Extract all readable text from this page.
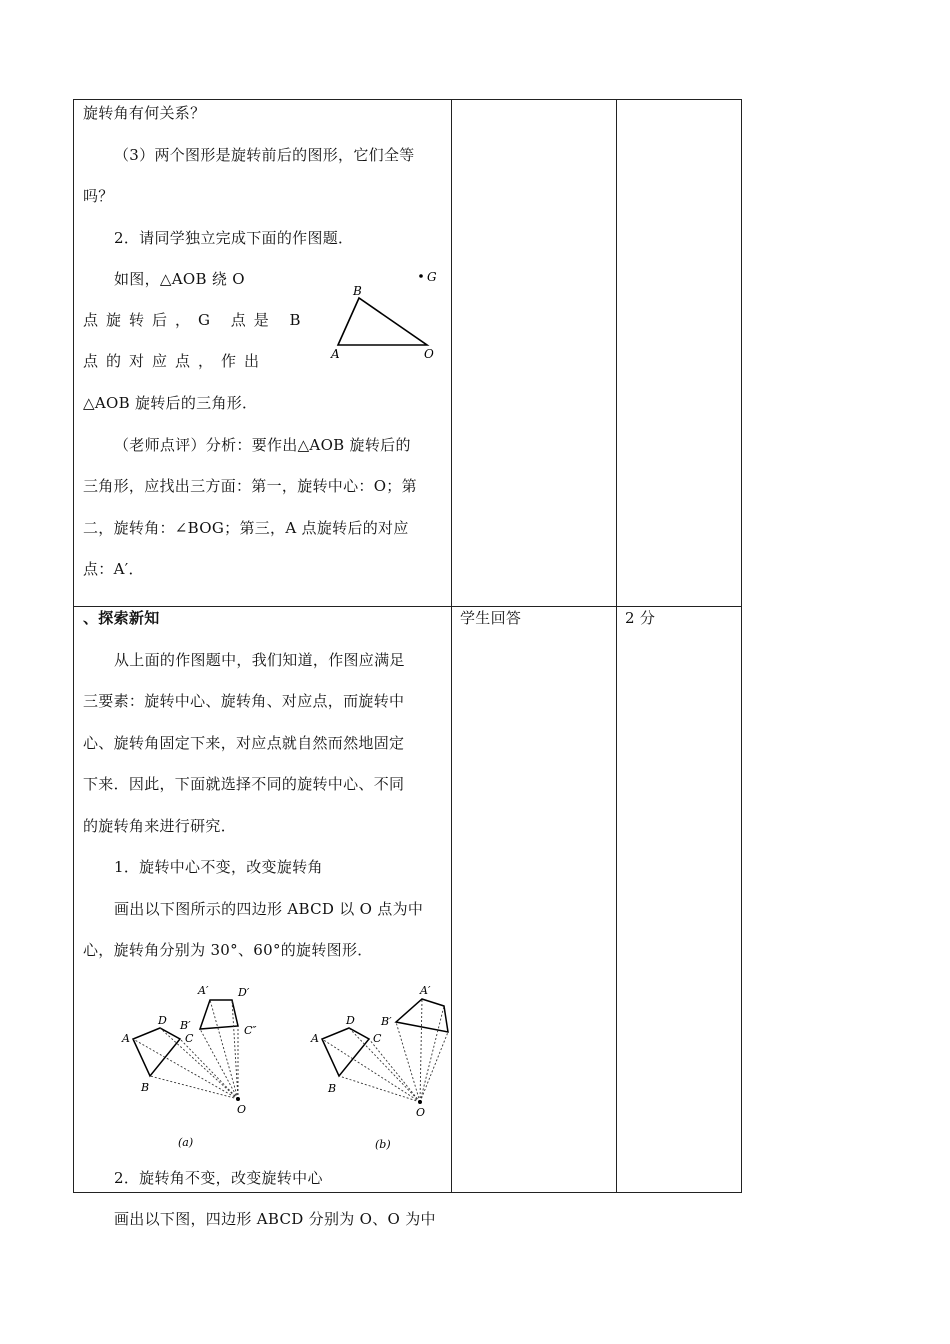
旋转角有何关系？

（3）两个图形是旋转前后的图形，它们全等

吗？

2．请同学独立完成下面的作图题．

如图，△AOB 绕 O

点旋转后，G 点是 B

点的对应点，作出

G
B
A	O

△AOB 旋转后的三角形．

（老师点评）分析：要作出△AOB 旋转后的

三角形，应找出三方面：第一，旋转中心：O；第

二，旋转角：∠BOG；第三，A 点旋转后的对应

点：A′．

、探索新知

从上面的作图题中，我们知道，作图应满足

三要素：旋转中心、旋转角、对应点，而旋转中

心、旋转角固定下来，对应点就自然而然地固定

下来．因此，下面就选择不同的旋转中心、不同

的旋转角来进行研究．

1．旋转中心不变，改变旋转角

画出以下图所示的四边形 ABCD 以 O 点为中

心，旋转角分别为 30°、60°的旋转图形．

A
D
C
B
O
A′	D′
B′	C″
(a)
A
D
C
B
O
A′
B′
(b)

2．旋转角不变，改变旋转中心

画出以下图，四边形 ABCD 分别为 O、O 为中

学生回答	2 分
